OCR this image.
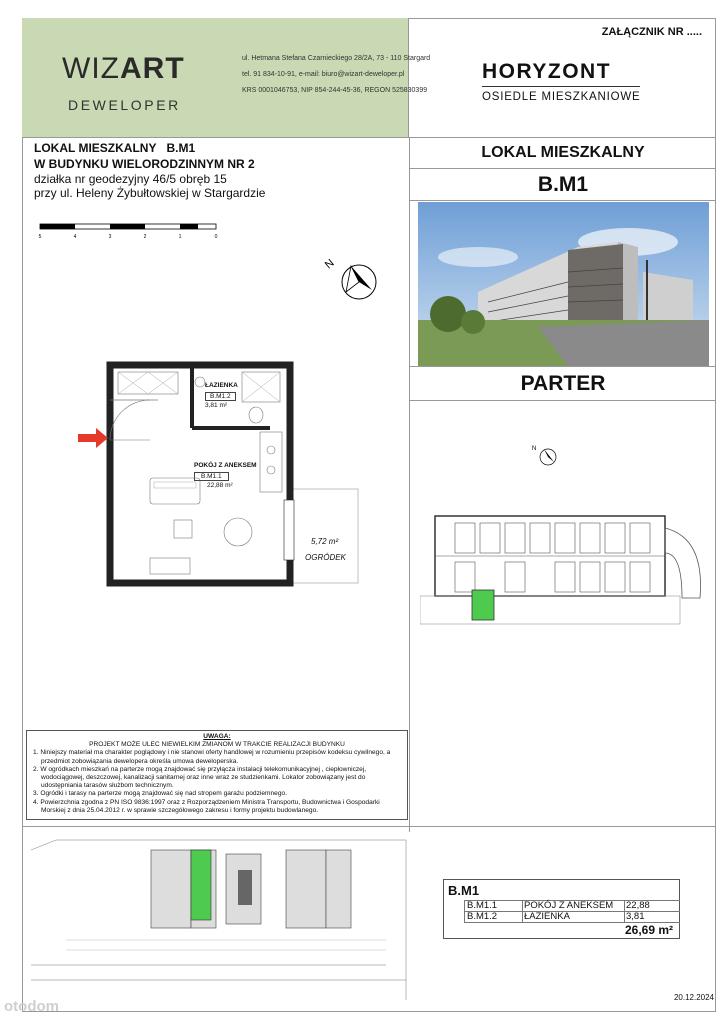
WIZART
DEWELOPER
ul. Hetmana Stefana Czarnieckiego 28/2A, 73 - 110 Stargard
tel. 91 834-10-91, e-mail: biuro@wizart-deweloper.pl
KRS 0001046753, NIP 854-244-45-36, REGON 525830399
ZAŁĄCZNIK NR .....
HORYZONT
OSIEDLE MIESZKANIOWE
LOKAL MIESZKALNY B.M1
W BUDYNKU WIELORODZINNYM NR 2
działka nr geodezyjny 46/5 obręb 15
przy ul. Heleny Żybułtowskiej w Stargardzie
5	4	3	2	1	0
N
ŁAZIENKA
B.M1.2
3,81 m²
POKÓJ Z ANEKSEM
B.M1.1
22,88 m²
5,72 m²
OGRÓDEK
LOKAL MIESZKALNY
B.M1
PARTER
N
UWAGA:
PROJEKT MOŻE ULEC NIEWIELKIM ZMIANOM W TRAKCIE REALIZACJI BUDYNKU
1. Niniejszy materiał ma charakter poglądowy i nie stanowi oferty handlowej w rozumieniu przepisów kodeksu cywilnego, a przedmiot zobowiązania dewelopera określa umowa deweloperska.
2. W ogródkach mieszkań na parterze mogą znajdować się przyłącza instalacji telekomunikacyjnej , ciepłowniczej, wodociągowej, deszczowej, kanalizacji sanitarnej oraz inne wraz ze studzienkami. Lokator zobowiązany jest do udostępniania tarasów służbom technicznym.
3. Ogródki i tarasy na parterze mogą znajdować się nad stropem garażu podziemnego.
4. Powierzchnia zgodna z PN ISO 9836:1997 oraz z Rozporządzeniem Ministra Transportu, Budownictwa i Gospodarki Morskiej z dnia 25.04.2012 r. w sprawie szczegółowego zakresu i formy projektu budowlanego.
B.M1
B.M1.1	POKÓJ Z ANEKSEM 22,88
B.M1.2	ŁAZIENKA	3,81
26,69 m²
20.12.2024
otodom
